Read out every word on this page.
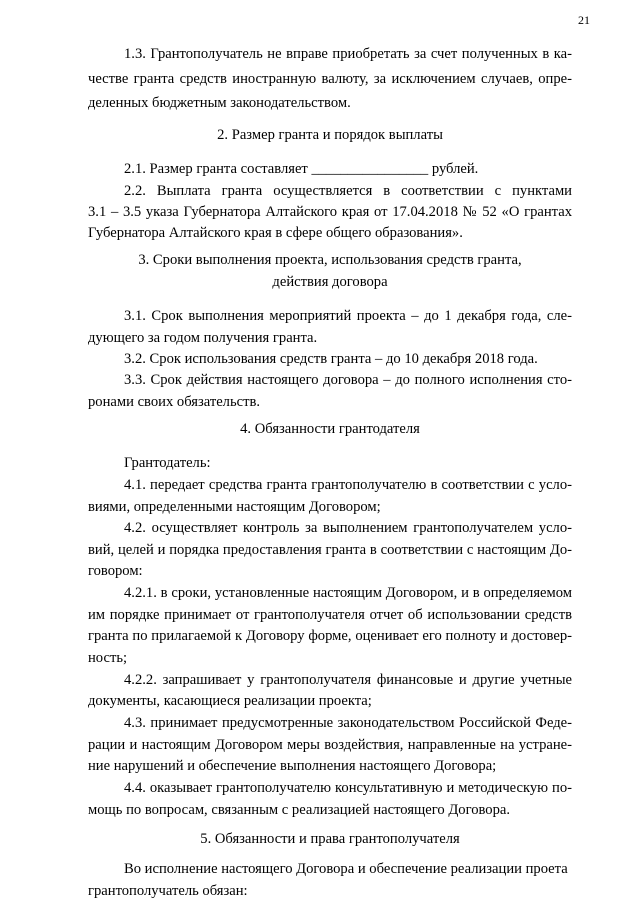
21
1.3. Грантополучатель не вправе приобретать за счет полученных в ка-
честве гранта средств иностранную валюту, за исключением случаев, опре-
деленных бюджетным законодательством.
2. Размер гранта и порядок выплаты
2.1. Размер гранта составляет ________________ рублей.
2.2. Выплата гранта осуществляется в соответствии с пунктами
3.1 – 3.5 указа Губернатора Алтайского края от 17.04.2018 № 52 «О грантах
Губернатора Алтайского края в сфере общего образования».
3. Сроки выполнения проекта, использования средств гранта,
действия договора
3.1. Срок выполнения мероприятий проекта – до 1 декабря года, сле-
дующего за годом получения гранта.
3.2. Срок использования средств гранта – до 10 декабря 2018 года.
3.3. Срок действия настоящего договора – до полного исполнения сто-
ронами своих обязательств.
4. Обязанности грантодателя
Грантодатель:
4.1. передает средства гранта грантополучателю в соответствии с усло-
виями, определенными настоящим Договором;
4.2. осуществляет контроль за выполнением грантополучателем усло-
вий, целей и порядка предоставления гранта в соответствии с настоящим До-
говором:
4.2.1. в сроки, установленные настоящим Договором, и в определяемом
им порядке принимает от грантополучателя отчет об использовании средств
гранта по прилагаемой к Договору форме, оценивает его полноту и достовер-
ность;
4.2.2. запрашивает у грантополучателя финансовые и другие учетные
документы, касающиеся реализации проекта;
4.3. принимает предусмотренные законодательством Российской Феде-
рации и настоящим Договором меры воздействия, направленные на устране-
ние нарушений и обеспечение выполнения настоящего Договора;
4.4. оказывает грантополучателю консультативную и методическую по-
мощь по вопросам, связанным с реализацией настоящего Договора.
5. Обязанности и права грантополучателя
Во исполнение настоящего Договора и обеспечение реализации проета
грантополучатель обязан:
